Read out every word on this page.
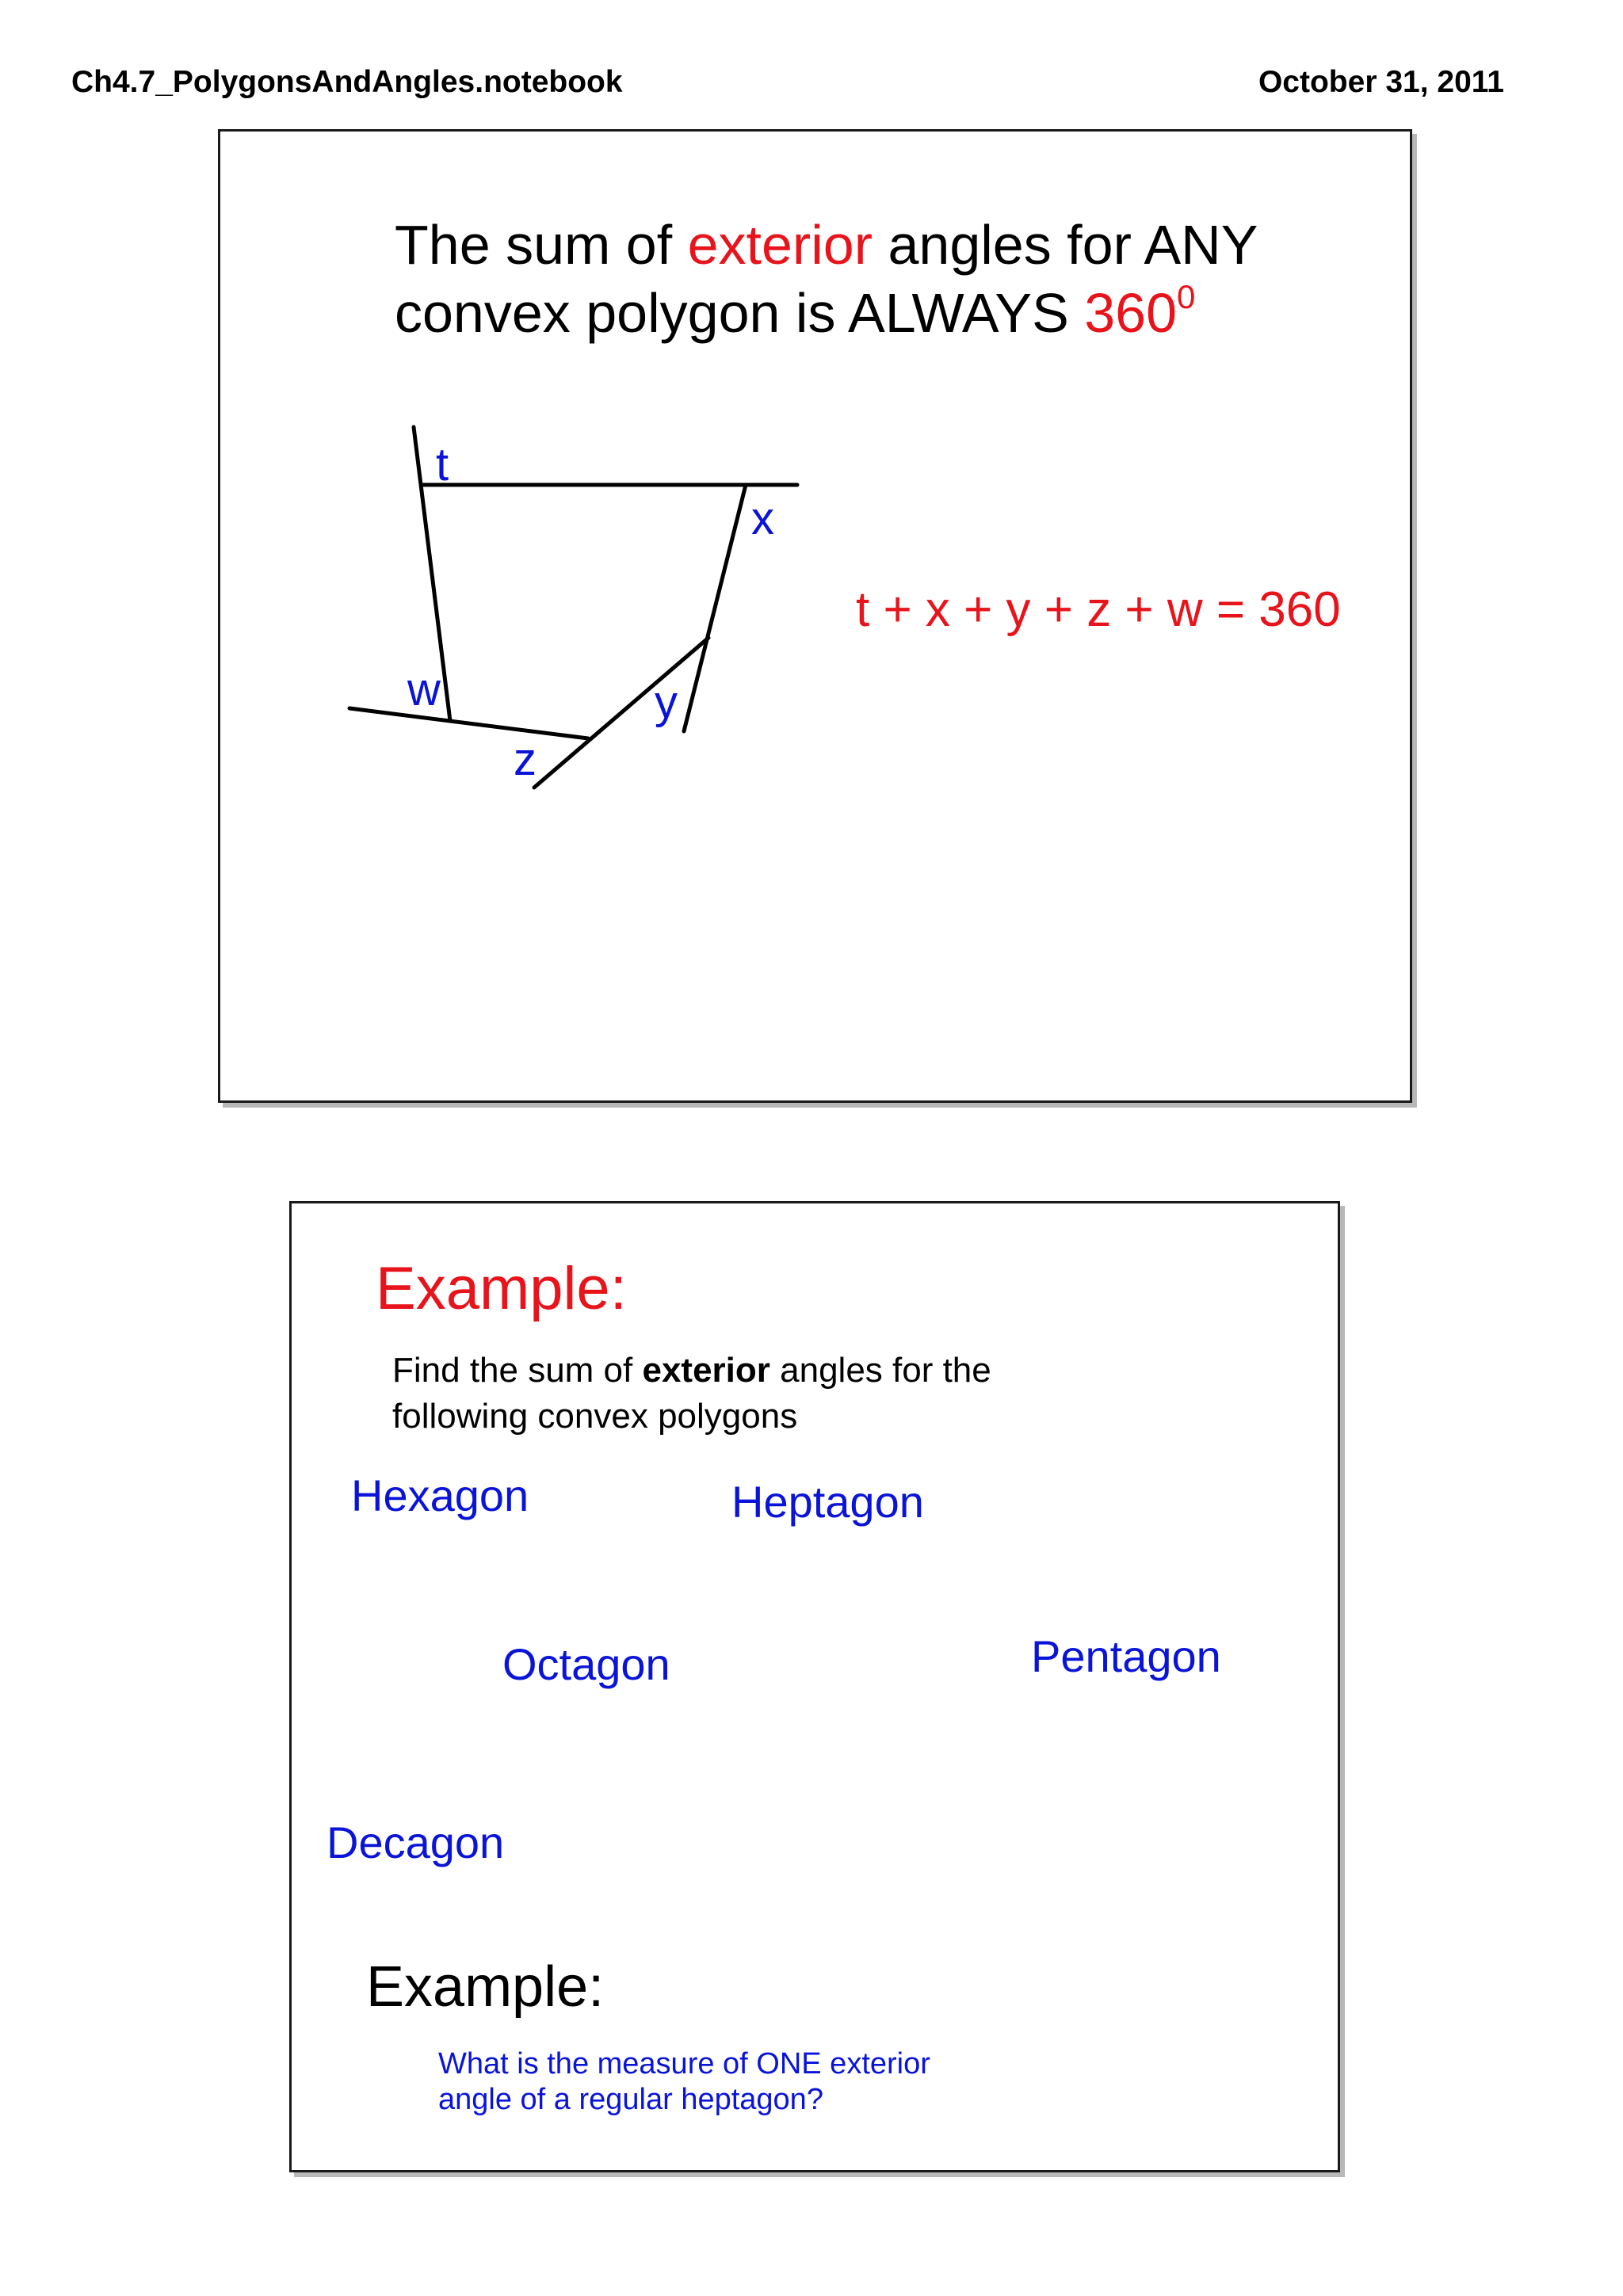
Ch4.7_PolygonsAndAngles.notebook	October 31, 2011
The sum of exterior angles for ANY
convex polygon is ALWAYS $360^0$
t
x
y
z
w
t + x + y + z + w = 360
Example:
Find the sum of exterior angles for the following convex polygons
Hexagon	Heptagon
Octagon	Pentagon
Decagon
Example:
What is the measure of ONE exterior angle of a regular heptagon?
